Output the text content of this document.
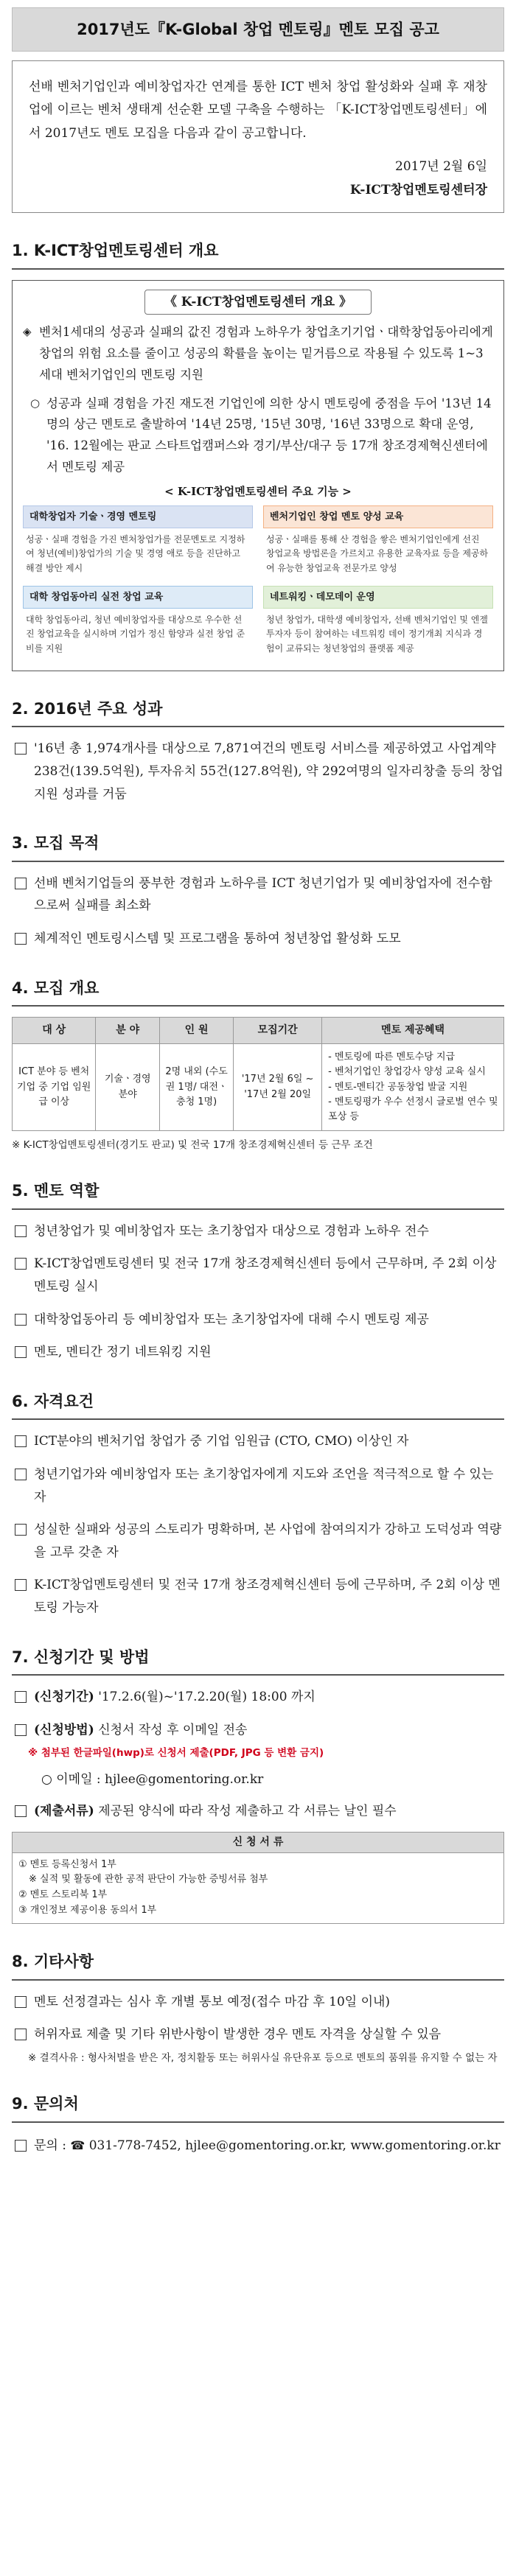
2017년도『K-Global 창업 멘토링』멘토 모집 공고

선배 벤처기업인과 예비창업자간 연계를 통한 ICT 벤처 창업 활성화와 실패 후 재창업에 이르는 벤처 생태계 선순환 모델 구축을 수행하는 「K-ICT창업멘토링센터」에서 2017년도 멘토 모집을 다음과 같이 공고합니다.

2017년 2월 6일

K-ICT창업멘토링센터장

1. K-ICT창업멘토링센터 개요
《 K-ICT창업멘토링센터 개요 》
◈ 벤처1세대의 성공과 실패의 값진 경험과 노하우가 창업초기기업ㆍ대학창업동아리에게 창업의 위험 요소를 줄이고 성공의 확률을 높이는 밑거름으로 작용될 수 있도록 1~3세대 벤처기업인의 멘토링 지원
○ 성공과 실패 경험을 가진 재도전 기업인에 의한 상시 멘토링에 중점을 두어 '13년 14명의 상근 멘토로 출발하여 '14년 25명, '15년 30명, '16년 33명으로 확대 운영, '16. 12월에는 판교 스타트업캠퍼스와 경기/부산/대구 등 17개 창조경제혁신센터에서 멘토링 제공
< K-ICT창업멘토링센터 주요 기능 >
대학창업자 기술ㆍ경영 멘토링
성공ㆍ실패 경험을 가진 벤처창업가를 전문멘토로 지정하여 청년(예비)창업가의 기술 및 경영 애로 등을 진단하고 해결 방안 제시
벤처기업인 창업 멘토 양성 교육
성공ㆍ실패를 통해 산 경험을 쌓은 벤처기업인에게 선진 창업교육 방법론을 가르치고 유용한 교육자료 등을 제공하여 유능한 창업교육 전문가로 양성
대학 창업동아리 실전 창업 교육
대학 창업동아리, 청년 예비창업자를 대상으로 우수한 선진 창업교육을 실시하며 기업가 정신 함양과 실전 창업 준비를 지원
네트워킹ㆍ데모데이 운영
청년 창업가, 대학생 예비창업자, 선배 벤처기업인 및 엔젤 투자자 등이 참여하는 네트워킹 데이 정기개최 지식과 경험이 교류되는 청년창업의 플랫폼 제공
2. 2016년 주요 성과
'16년 총 1,974개사를 대상으로 7,871여건의 멘토링 서비스를 제공하였고 사업계약 238건(139.5억원), 투자유치 55건(127.8억원), 약 292여명의 일자리창출 등의 창업지원 성과를 거둠
3. 모집 목적
선배 벤처기업들의 풍부한 경험과 노하우를 ICT 청년기업가 및 예비창업자에 전수함으로써 실패를 최소화
체계적인 멘토링시스템 및 프로그램을 통하여 청년창업 활성화 도모
4. 모집 개요
대 상	분 야	인 원	모집기간	멘토 제공혜택
ICT 분야 등 벤처기업 중 기업 임원급 이상	기술ㆍ경영 분야	2명 내외 (수도권 1명/ 대전ㆍ충청 1명)	'17년 2월 6일 ~ '17년 2월 20일	- 멘토링에 따른 멘토수당 지급
- 벤처기업인 창업강사 양성 교육 실시
- 멘토-멘티간 공동창업 발굴 지원
- 멘토링평가 우수 선정시 글로벌 연수 및 포상 등
※ K-ICT창업멘토링센터(경기도 판교) 및 전국 17개 창조경제혁신센터 등 근무 조건
5. 멘토 역할
청년창업가 및 예비창업자 또는 초기창업자 대상으로 경험과 노하우 전수
K-ICT창업멘토링센터 및 전국 17개 창조경제혁신센터 등에서 근무하며, 주 2회 이상 멘토링 실시
대학창업동아리 등 예비창업자 또는 초기창업자에 대해 수시 멘토링 제공
멘토, 멘티간 정기 네트워킹 지원
6. 자격요건
ICT분야의 벤처기업 창업가 중 기업 임원급 (CTO, CMO) 이상인 자
청년기업가와 예비창업자 또는 초기창업자에게 지도와 조언을 적극적으로 할 수 있는 자
성실한 실패와 성공의 스토리가 명확하며, 본 사업에 참여의지가 강하고 도덕성과 역량을 고루 갖춘 자
K-ICT창업멘토링센터 및 전국 17개 창조경제혁신센터 등에 근무하며, 주 2회 이상 멘토링 가능자
7. 신청기간 및 방법
(신청기간) '17.2.6(월)~'17.2.20(월) 18:00 까지
(신청방법) 신청서 작성 후 이메일 전송
※ 첨부된 한글파일(hwp)로 신청서 제출(PDF, JPG 등 변환 금지)
○ 이메일 : hjlee@gomentoring.or.kr
(제출서류) 제공된 양식에 따라 작성 제출하고 각 서류는 날인 필수
신 청 서 류

① 멘토 등록신청서 1부
※ 실적 및 활동에 관한 공적 판단이 가능한 증빙서류 첨부
② 멘토 스토리북 1부
③ 개인정보 제공이용 동의서 1부
8. 기타사항
멘토 선정결과는 심사 후 개별 통보 예정(접수 마감 후 10일 이내)
허위자료 제출 및 기타 위반사항이 발생한 경우 멘토 자격을 상실할 수 있음
※ 결격사유 : 형사처벌을 받은 자, 정치활동 또는 허위사실 유단유포 등으로 멘토의 품위를 유지할 수 없는 자
9. 문의처
문의 : ☎ 031-778-7452, hjlee@gomentoring.or.kr, www.gomentoring.or.kr
